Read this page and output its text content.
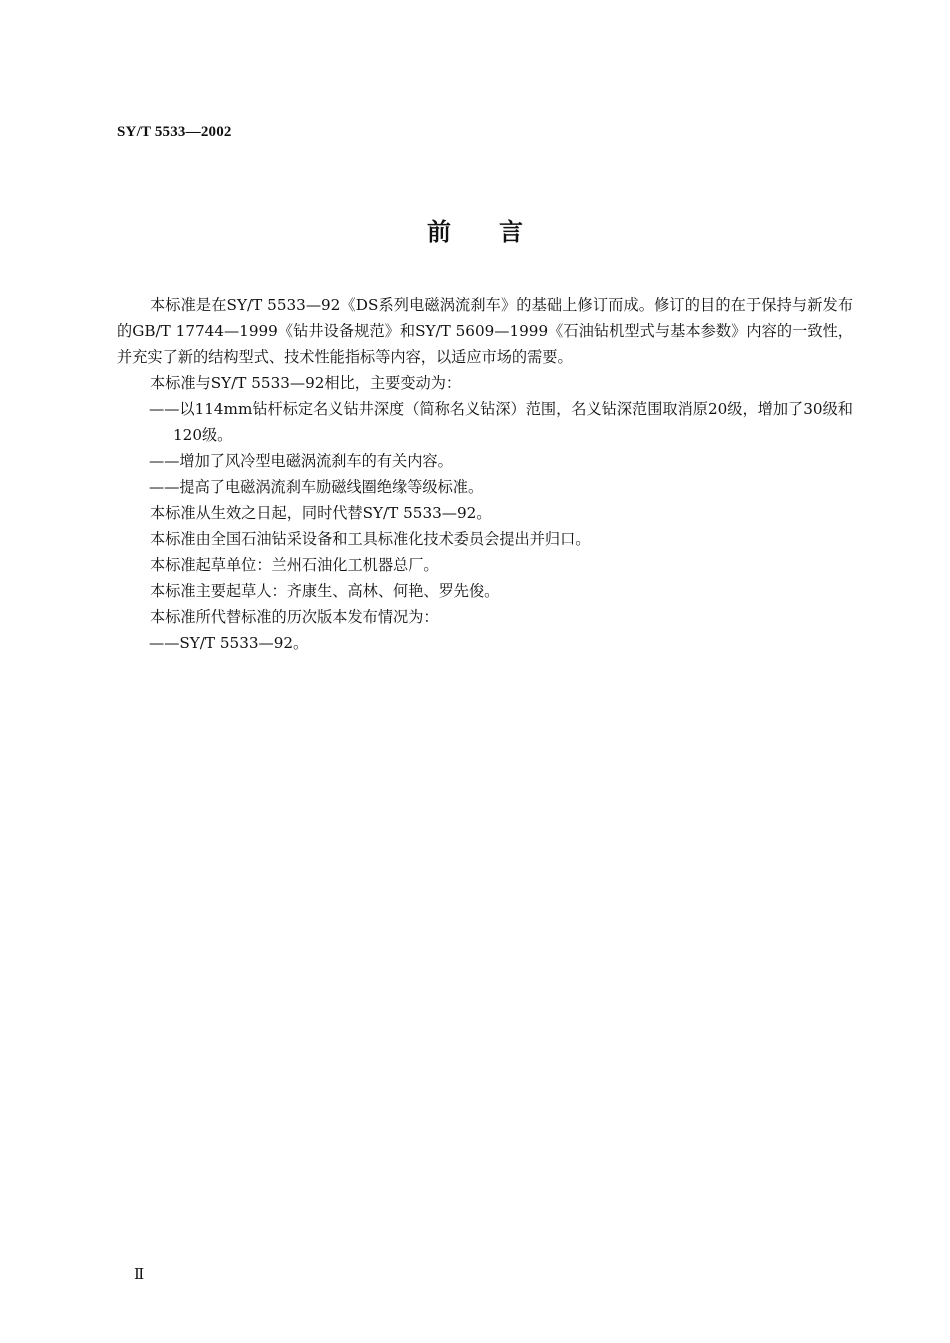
SY/T 5533—2002

前言

本标准是在SY/T 5533—92《DS系列电磁涡流刹车》的基础上修订而成。修订的目的在于保持与新发布的GB/T 17744—1999《钻井设备规范》和SY/T 5609—1999《石油钻机型式与基本参数》内容的一致性，并充实了新的结构型式、技术性能指标等内容，以适应市场的需要。

本标准与SY/T 5533—92相比，主要变动为：

——以114mm钻杆标定名义钻井深度（简称名义钻深）范围，名义钻深范围取消原20级，增加了30级和120级。

——增加了风冷型电磁涡流刹车的有关内容。

——提高了电磁涡流刹车励磁线圈绝缘等级标准。

本标准从生效之日起，同时代替SY/T 5533—92。

本标准由全国石油钻采设备和工具标准化技术委员会提出并归口。

本标准起草单位：兰州石油化工机器总厂。

本标准主要起草人：齐康生、高林、何艳、罗先俊。

本标准所代替标准的历次版本发布情况为：

——SY/T 5533—92。

Ⅱ
